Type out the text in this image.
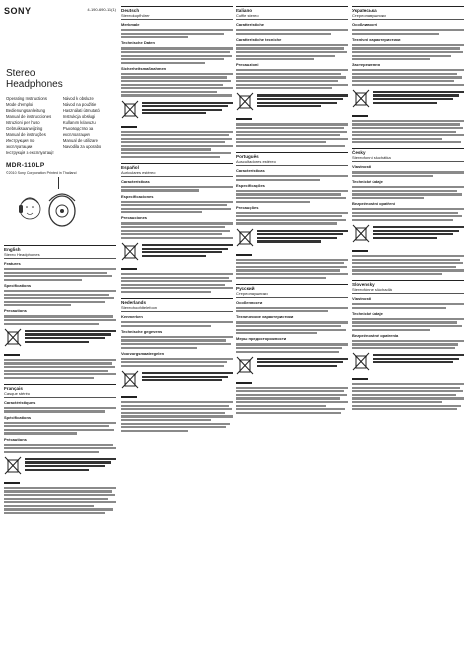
SONY	4-190-690-11(1)
Stereo
Headphones
Operating Instructions
Mode d'emploi
Bedienungsanleitung
Manual de instrucciones
Istruzioni per l'uso
Gebruiksaanwijzing
Manual de instruções
Инструкция по эксплуатации
Інструкція з експлуатації
Návod k obsluze
Návod na použitie
Használati útmutató
Instrukcja obsługi
Kullanım kılavuzu
Ръководство за експлоатация
Manual de utilizare
Navodila za uporabo
MDR-110LP
©2010 Sony Corporation Printed in Thailand
English
Stereo Headphones
Features
Specifications
Precautions
Français
Casque stéréo
Caractéristiques
Spécifications
Précautions
Deutsch
Stereokopfhörer
Merkmale
Technische Daten
Sicherheitsmaßnahmen
Español
Auriculares estéreo
Características
Especificaciones
Precauciones
Nederlands
Stereohoofdtelefoon
Kenmerken
Technische gegevens
Voorzorgsmaatregelen
Italiano
Cuffie stereo
Caratteristiche
Caratteristiche tecniche
Precauzioni
Português
Auscultadores estéreo
Características
Especificações
Precauções
Русский
Стереонаушники
Особенности
Технические характеристики
Меры предосторожности
Українська
Стереонавушники
Особливості
Технічні характеристики
Застереження
Česky
Stereofonní sluchátka
Vlastnosti
Technické údaje
Bezpečnostní opatření
Slovensky
Stereofónne slúchadlá
Vlastnosti
Technické údaje
Bezpečnostné opatrenia
